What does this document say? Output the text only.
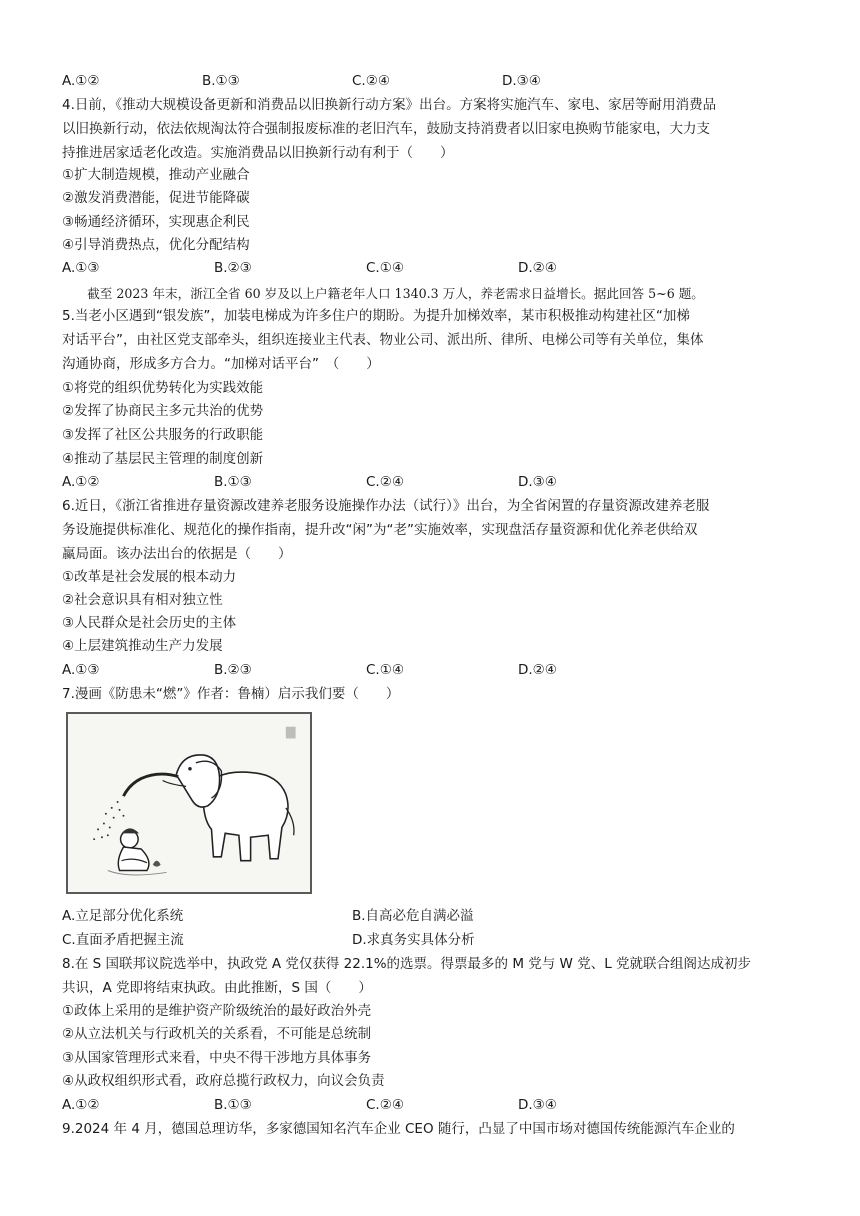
A.①②	B.①③	C.②④	D.③④
4.日前，《推动大规模设备更新和消费品以旧换新行动方案》出台。方案将实施汽车、家电、家居等耐用消费品
以旧换新行动，依法依规淘汰符合强制报废标准的老旧汽车，鼓励支持消费者以旧家电换购节能家电，大力支
持推进居家适老化改造。实施消费品以旧换新行动有利于（　　）
①扩大制造规模，推动产业融合
②激发消费潜能，促进节能降碳
③畅通经济循环，实现惠企利民
④引导消费热点，优化分配结构
A.①③	B.②③	C.①④	D.②④
　　截至 2023 年末，浙江全省 60 岁及以上户籍老年人口 1340.3 万人，养老需求日益增长。据此回答 5~6 题。
5.当老小区遇到“银发族”，加装电梯成为许多住户的期盼。为提升加梯效率，某市积极推动构建社区“加梯
对话平台”，由社区党支部牵头，组织连接业主代表、物业公司、派出所、律所、电梯公司等有关单位，集体
沟通协商，形成多方合力。“加梯对话平台”　（　　）
①将党的组织优势转化为实践效能
②发挥了协商民主多元共治的优势
③发挥了社区公共服务的行政职能
④推动了基层民主管理的制度创新
A.①②	B.①③	C.②④	D.③④
6.近日，《浙江省推进存量资源改建养老服务设施操作办法（试行）》出台，为全省闲置的存量资源改建养老服
务设施提供标准化、规范化的操作指南，提升改“闲”为“老”实施效率，实现盘活存量资源和优化养老供给双
赢局面。该办法出台的依据是（　　）
①改革是社会发展的根本动力
②社会意识具有相对独立性
③人民群众是社会历史的主体
④上层建筑推动生产力发展
A.①③	B.②③	C.①④	D.②④
7.漫画《防患未“燃”》作者：鲁楠）启示我们要（　　）
A.立足部分优化系统	B.自高必危自满必溢
C.直面矛盾把握主流	D.求真务实具体分析
8.在 S 国联邦议院选举中，执政党 A 党仅获得 22.1%的选票。得票最多的 M 党与 W 党、L 党就联合组阁达成初步
共识，A 党即将结束执政。由此推断，S 国（　　）
①政体上采用的是维护资产阶级统治的最好政治外壳
②从立法机关与行政机关的关系看，不可能是总统制
③从国家管理形式来看，中央不得干涉地方具体事务
④从政权组织形式看，政府总揽行政权力，向议会负责
A.①②	B.①③	C.②④	D.③④
9.2024 年 4 月，德国总理访华，多家德国知名汽车企业 CEO 随行，凸显了中国市场对德国传统能源汽车企业的
